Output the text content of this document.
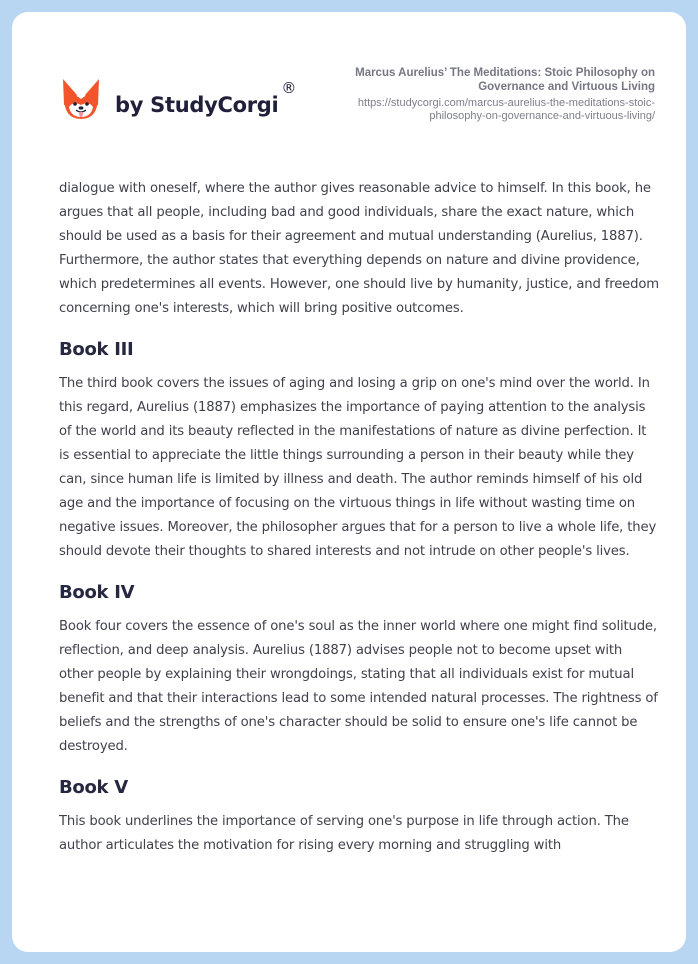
by StudyCorgi
®
Marcus Aurelius’ The Meditations: Stoic Philosophy on Governance and Virtuous Living
https://studycorgi.com/marcus-aurelius-the-meditations-stoic-philosophy-on-governance-and-virtuous-living/

dialogue with oneself, where the author gives reasonable advice to himself. In this book, he argues that all people, including bad and good individuals, share the exact nature, which should be used as a basis for their agreement and mutual understanding (Aurelius, 1887). Furthermore, the author states that everything depends on nature and divine providence, which predetermines all events. However, one should live by humanity, justice, and freedom concerning one's interests, which will bring positive outcomes.

Book III

The third book covers the issues of aging and losing a grip on one's mind over the world. In this regard, Aurelius (1887) emphasizes the importance of paying attention to the analysis of the world and its beauty reflected in the manifestations of nature as divine perfection. It is essential to appreciate the little things surrounding a person in their beauty while they can, since human life is limited by illness and death. The author reminds himself of his old age and the importance of focusing on the virtuous things in life without wasting time on negative issues. Moreover, the philosopher argues that for a person to live a whole life, they should devote their thoughts to shared interests and not intrude on other people's lives.

Book IV

Book four covers the essence of one's soul as the inner world where one might find solitude, reflection, and deep analysis. Aurelius (1887) advises people not to become upset with other people by explaining their wrongdoings, stating that all individuals exist for mutual benefit and that their interactions lead to some intended natural processes. The rightness of beliefs and the strengths of one's character should be solid to ensure one's life cannot be destroyed.

Book V

This book underlines the importance of serving one's purpose in life through action. The author articulates the motivation for rising every morning and struggling with
